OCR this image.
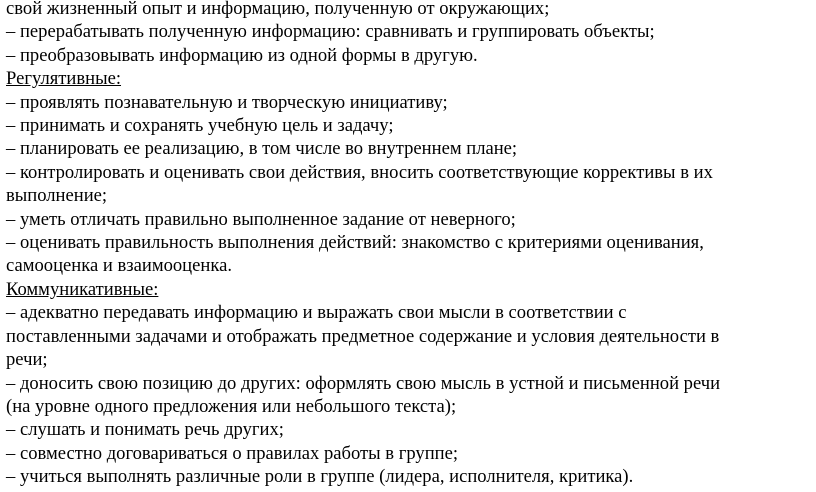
свой жизненный опыт и информацию, полученную от окружающих;

– перерабатывать полученную информацию: сравнивать и группировать объекты;

– преобразовывать информацию из одной формы в другую.

Регулятивные:

– проявлять познавательную и творческую инициативу;

– принимать и сохранять учебную цель и задачу;

– планировать ее реализацию, в том числе во внутреннем плане;

– контролировать и оценивать свои действия, вносить соответствующие коррективы в их

выполнение;

– уметь отличать правильно выполненное задание от неверного;

– оценивать правильность выполнения действий: знакомство с критериями оценивания,

самооценка и взаимооценка.

Коммуникативные:

– адекватно передавать информацию и выражать свои мысли в соответствии с

поставленными задачами и отображать предметное содержание и условия деятельности в

речи;

– доносить свою позицию до других: оформлять свою мысль в устной и письменной речи

(на уровне одного предложения или небольшого текста);

– слушать и понимать речь других;

– совместно договариваться о правилах работы в группе;

– учиться выполнять различные роли в группе (лидера, исполнителя, критика).
